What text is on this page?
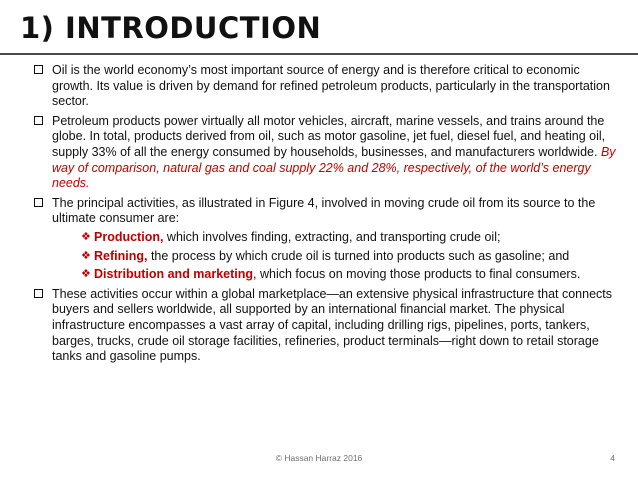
1) INTRODUCTION
Oil is the world economy’s most important source of energy and is therefore critical to economic growth. Its value is driven by demand for refined petroleum products, particularly in the transportation sector.
Petroleum products power virtually all motor vehicles, aircraft, marine vessels, and trains around the globe. In total, products derived from oil, such as motor gasoline, jet fuel, diesel fuel, and heating oil, supply 33% of all the energy consumed by households, businesses, and manufacturers worldwide. By way of comparison, natural gas and coal supply 22% and 28%, respectively, of the world’s energy needs.
The principal activities, as illustrated in Figure 4, involved in moving crude oil from its source to the ultimate consumer are:
❖ Production, which involves finding, extracting, and transporting crude oil;
❖ Refining, the process by which crude oil is turned into products such as gasoline; and
❖ Distribution and marketing, which focus on moving those products to final consumers.
These activities occur within a global marketplace—an extensive physical infrastructure that connects buyers and sellers worldwide, all supported by an international financial market. The physical infrastructure encompasses a vast array of capital, including drilling rigs, pipelines, ports, tankers, barges, trucks, crude oil storage facilities, refineries, product terminals—right down to retail storage tanks and gasoline pumps.
© Hassan Harraz 2016	4
